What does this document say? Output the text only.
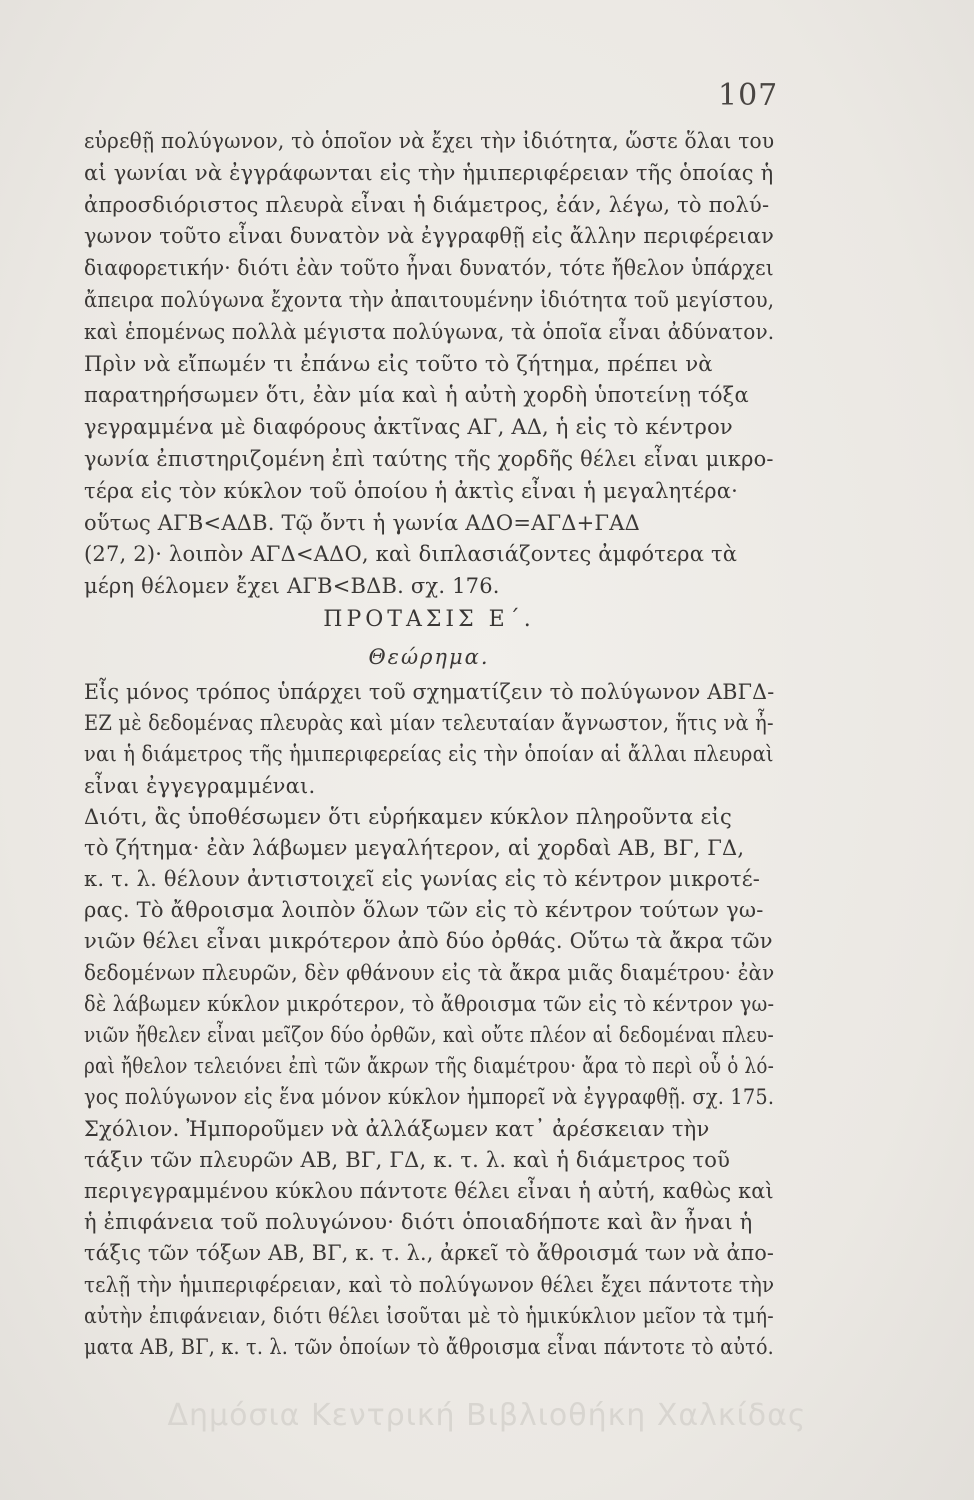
107
εὑρεθῇ πολύγωνον, τὸ ὁποῖον νὰ ἔχει τὴν ἰδιότητα, ὥστε ὅλαι του
αἱ γωνίαι νὰ ἐγγράφωνται εἰς τὴν ἡμιπεριφέρειαν τῆς ὁποίας ἡ
ἀπροσδιόριστος πλευρὰ εἶναι ἡ διάμετρος, ἐάν, λέγω, τὸ πολύ-
γωνον τοῦτο εἶναι δυνατὸν νὰ ἐγγραφθῇ εἰς ἄλλην περιφέρειαν
διαφορετικήν· διότι ἐὰν τοῦτο ἦναι δυνατόν, τότε ἤθελον ὑπάρχει
ἄπειρα πολύγωνα ἔχοντα τὴν ἀπαιτουμένην ἰδιότητα τοῦ μεγίστου,
καὶ ἑπομένως πολλὰ μέγιστα πολύγωνα, τὰ ὁποῖα εἶναι ἀδύνατον.
Πρὶν νὰ εἴπωμέν τι ἐπάνω εἰς τοῦτο τὸ ζήτημα, πρέπει νὰ
παρατηρήσωμεν ὅτι, ἐὰν μία καὶ ἡ αὐτὴ χορδὴ ὑποτείνῃ τόξα
γεγραμμένα μὲ διαφόρους ἀκτῖνας ΑΓ, ΑΔ, ἡ εἰς τὸ κέντρον
γωνία ἐπιστηριζομένη ἐπὶ ταύτης τῆς χορδῆς θέλει εἶναι μικρο-
τέρα εἰς τὸν κύκλον τοῦ ὁποίου ἡ ἀκτὶς εἶναι ἡ μεγαλητέρα·
οὕτως ΑΓΒ<ΑΔΒ. Τῷ ὄντι ἡ γωνία ΑΔΟ=ΑΓΔ+ΓΑΔ
(27, 2)· λοιπὸν ΑΓΔ<ΑΔΟ, καὶ διπλασιάζοντες ἀμφότερα τὰ
μέρη θέλομεν ἔχει ΑΓΒ<ΒΔΒ. σχ. 176.
ΠΡΟΤΑΣΙΣ Ε΄.
Θεώρημα.
Εἷς μόνος τρόπος ὑπάρχει τοῦ σχηματίζειν τὸ πολύγωνον ΑΒΓΔ-
ΕΖ μὲ δεδομένας πλευρὰς καὶ μίαν τελευταίαν ἄγνωστον, ἥτις νὰ ἦ-
ναι ἡ διάμετρος τῆς ἡμιπεριφερείας εἰς τὴν ὁποίαν αἱ ἄλλαι πλευραὶ
εἶναι ἐγγεγραμμέναι.
Διότι, ἂς ὑποθέσωμεν ὅτι εὑρήκαμεν κύκλον πληροῦντα εἰς
τὸ ζήτημα· ἐὰν λάβωμεν μεγαλήτερον, αἱ χορδαὶ ΑΒ, ΒΓ, ΓΔ,
κ. τ. λ. θέλουν ἀντιστοιχεῖ εἰς γωνίας εἰς τὸ κέντρον μικροτέ-
ρας. Τὸ ἄθροισμα λοιπὸν ὅλων τῶν εἰς τὸ κέντρον τούτων γω-
νιῶν θέλει εἶναι μικρότερον ἀπὸ δύο ὀρθάς. Οὕτω τὰ ἄκρα τῶν
δεδομένων πλευρῶν, δὲν φθάνουν εἰς τὰ ἄκρα μιᾶς διαμέτρου· ἐὰν
δὲ λάβωμεν κύκλον μικρότερον, τὸ ἄθροισμα τῶν εἰς τὸ κέντρον γω-
νιῶν ἤθελεν εἶναι μεῖζον δύο ὀρθῶν, καὶ οὔτε πλέον αἱ δεδομέναι πλευ-
ραὶ ἤθελον τελειόνει ἐπὶ τῶν ἄκρων τῆς διαμέτρου· ἄρα τὸ περὶ οὗ ὁ λό-
γος πολύγωνον εἰς ἕνα μόνον κύκλον ἠμπορεῖ νὰ ἐγγραφθῇ. σχ. 175.
Σχόλιον. Ἠμποροῦμεν νὰ ἀλλάξωμεν κατ᾽ ἀρέσκειαν τὴν
τάξιν τῶν πλευρῶν ΑΒ, ΒΓ, ΓΔ, κ. τ. λ. καὶ ἡ διάμετρος τοῦ
περιγεγραμμένου κύκλου πάντοτε θέλει εἶναι ἡ αὐτή, καθὼς καὶ
ἡ ἐπιφάνεια τοῦ πολυγώνου· διότι ὁποιαδήποτε καὶ ἂν ἦναι ἡ
τάξις τῶν τόξων ΑΒ, ΒΓ, κ. τ. λ., ἀρκεῖ τὸ ἄθροισμά των νὰ ἀπο-
τελῇ τὴν ἡμιπεριφέρειαν, καὶ τὸ πολύγωνον θέλει ἔχει πάντοτε τὴν
αὐτὴν ἐπιφάνειαν, διότι θέλει ἰσοῦται μὲ τὸ ἡμικύκλιον μεῖον τὰ τμή-
ματα ΑΒ, ΒΓ, κ. τ. λ. τῶν ὁποίων τὸ ἄθροισμα εἶναι πάντοτε τὸ αὐτό.
Δημόσια Κεντρική Βιβλιοθήκη Χαλκίδας
